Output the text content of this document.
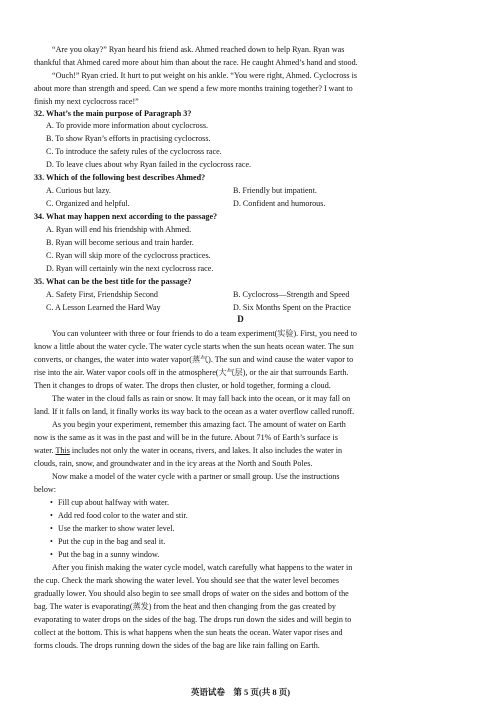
“Are you okay?” Ryan heard his friend ask. Ahmed reached down to help Ryan. Ryan was
thankful that Ahmed cared more about him than about the race. He caught Ahmed’s hand and stood.
“Ouch!” Ryan cried. It hurt to put weight on his ankle. “You were right, Ahmed. Cyclocross is
about more than strength and speed. Can we spend a few more months training together? I want to
finish my next cyclocross race!”
32. What’s the main purpose of Paragraph 3?
A. To provide more information about cyclocross.
B. To show Ryan’s efforts in practising cyclocross.
C. To introduce the safety rules of the cyclocross race.
D. To leave clues about why Ryan failed in the cyclocross race.
33. Which of the following best describes Ahmed?
A. Curious but lazy.	B. Friendly but impatient.
C. Organized and helpful.	D. Confident and humorous.
34. What may happen next according to the passage?
A. Ryan will end his friendship with Ahmed.
B. Ryan will become serious and train harder.
C. Ryan will skip more of the cyclocross practices.
D. Ryan will certainly win the next cyclocross race.
35. What can be the best title for the passage?
A. Safety First, Friendship Second	B. Cyclocross—Strength and Speed
C. A Lesson Learned the Hard Way	D. Six Months Spent on the Practice
D
You can volunteer with three or four friends to do a team experiment(实验). First, you need to
know a little about the water cycle. The water cycle starts when the sun heats ocean water. The sun
converts, or changes, the water into water vapor(蒸气). The sun and wind cause the water vapor to
rise into the air. Water vapor cools off in the atmosphere(大气层), or the air that surrounds Earth.
Then it changes to drops of water. The drops then cluster, or hold together, forming a cloud.
The water in the cloud falls as rain or snow. It may fall back into the ocean, or it may fall on
land. If it falls on land, it finally works its way back to the ocean as a water overflow called runoff.
As you begin your experiment, remember this amazing fact. The amount of water on Earth
now is the same as it was in the past and will be in the future. About 71% of Earth’s surface is
water. This includes not only the water in oceans, rivers, and lakes. It also includes the water in
clouds, rain, snow, and groundwater and in the icy areas at the North and South Poles.
Now make a model of the water cycle with a partner or small group. Use the instructions
below:
• Fill cup about halfway with water.
• Add red food color to the water and stir.
• Use the marker to show water level.
• Put the cup in the bag and seal it.
• Put the bag in a sunny window.
After you finish making the water cycle model, watch carefully what happens to the water in
the cup. Check the mark showing the water level. You should see that the water level becomes
gradually lower. You should also begin to see small drops of water on the sides and bottom of the
bag. The water is evaporating(蒸发) from the heat and then changing from the gas created by
evaporating to water drops on the sides of the bag. The drops run down the sides and will begin to
collect at the bottom. This is what happens when the sun heats the ocean. Water vapor rises and
forms clouds. The drops running down the sides of the bag are like rain falling on Earth.
英语试卷　第 5 页(共 8 页)
